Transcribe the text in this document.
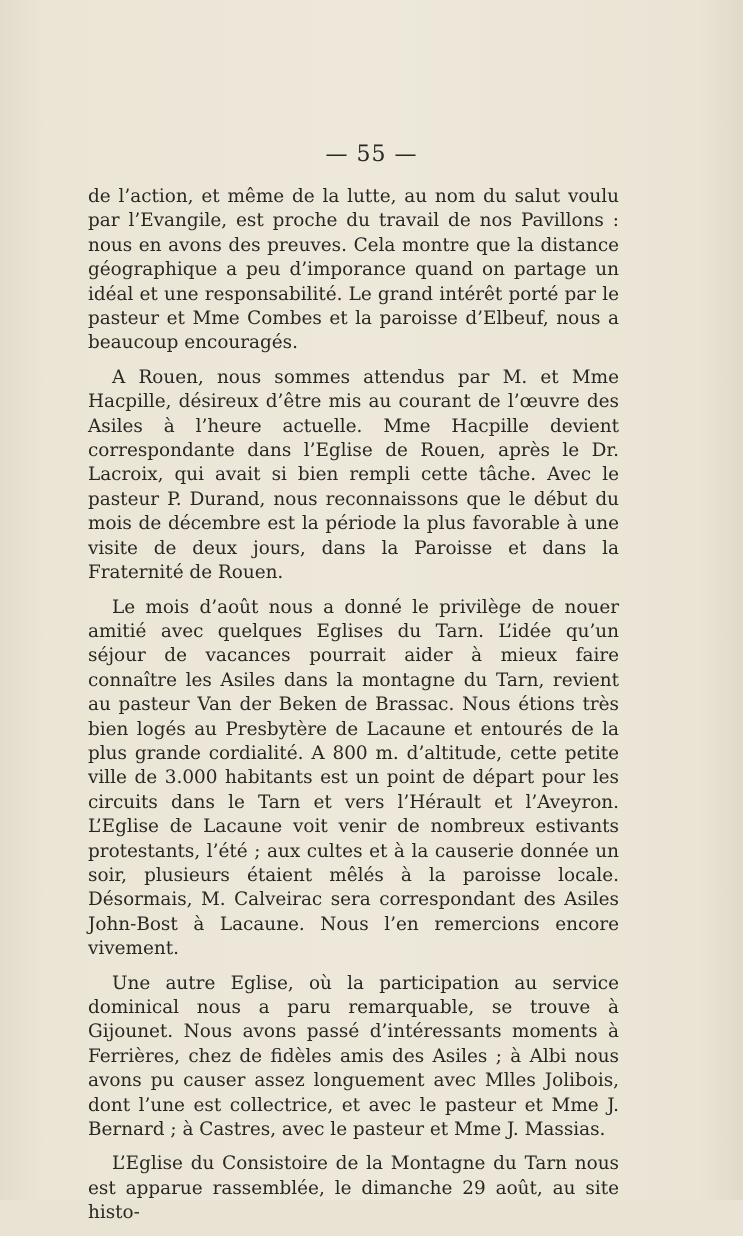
— 55 —

de l’action, et même de la lutte, au nom du salut voulu par l’Evangile, est proche du travail de nos Pavillons : nous en avons des preuves. Cela montre que la distance géographique a peu d’imporance quand on partage un idéal et une responsabilité. Le grand intérêt porté par le pasteur et Mme Combes et la paroisse d’Elbeuf, nous a beaucoup encouragés.

A Rouen, nous sommes attendus par M. et Mme Hacpille, désireux d’être mis au courant de l’œuvre des Asiles à l’heure actuelle. Mme Hacpille devient correspondante dans l’Eglise de Rouen, après le Dr. Lacroix, qui avait si bien rempli cette tâche. Avec le pasteur P. Durand, nous reconnaissons que le début du mois de décembre est la période la plus favorable à une visite de deux jours, dans la Paroisse et dans la Fraternité de Rouen.

Le mois d’août nous a donné le privilège de nouer amitié avec quelques Eglises du Tarn. L’idée qu’un séjour de vacances pourrait aider à mieux faire connaître les Asiles dans la montagne du Tarn, revient au pasteur Van der Beken de Brassac. Nous étions très bien logés au Presbytère de Lacaune et entourés de la plus grande cordialité. A 800 m. d’altitude, cette petite ville de 3.000 habitants est un point de départ pour les circuits dans le Tarn et vers l’Hérault et l’Aveyron. L’Eglise de Lacaune voit venir de nombreux estivants protestants, l’été ; aux cultes et à la causerie donnée un soir, plusieurs étaient mêlés à la paroisse locale. Désormais, M. Calveirac sera correspondant des Asiles John-Bost à Lacaune. Nous l’en remercions encore vivement.

Une autre Eglise, où la participation au service dominical nous a paru remarquable, se trouve à Gijounet. Nous avons passé d’intéressants moments à Ferrières, chez de fidèles amis des Asiles ; à Albi nous avons pu causer assez longuement avec Mlles Jolibois, dont l’une est collectrice, et avec le pasteur et Mme J. Bernard ; à Castres, avec le pasteur et Mme J. Massias.

L’Eglise du Consistoire de la Montagne du Tarn nous est apparue rassemblée, le dimanche 29 août, au site histo-
